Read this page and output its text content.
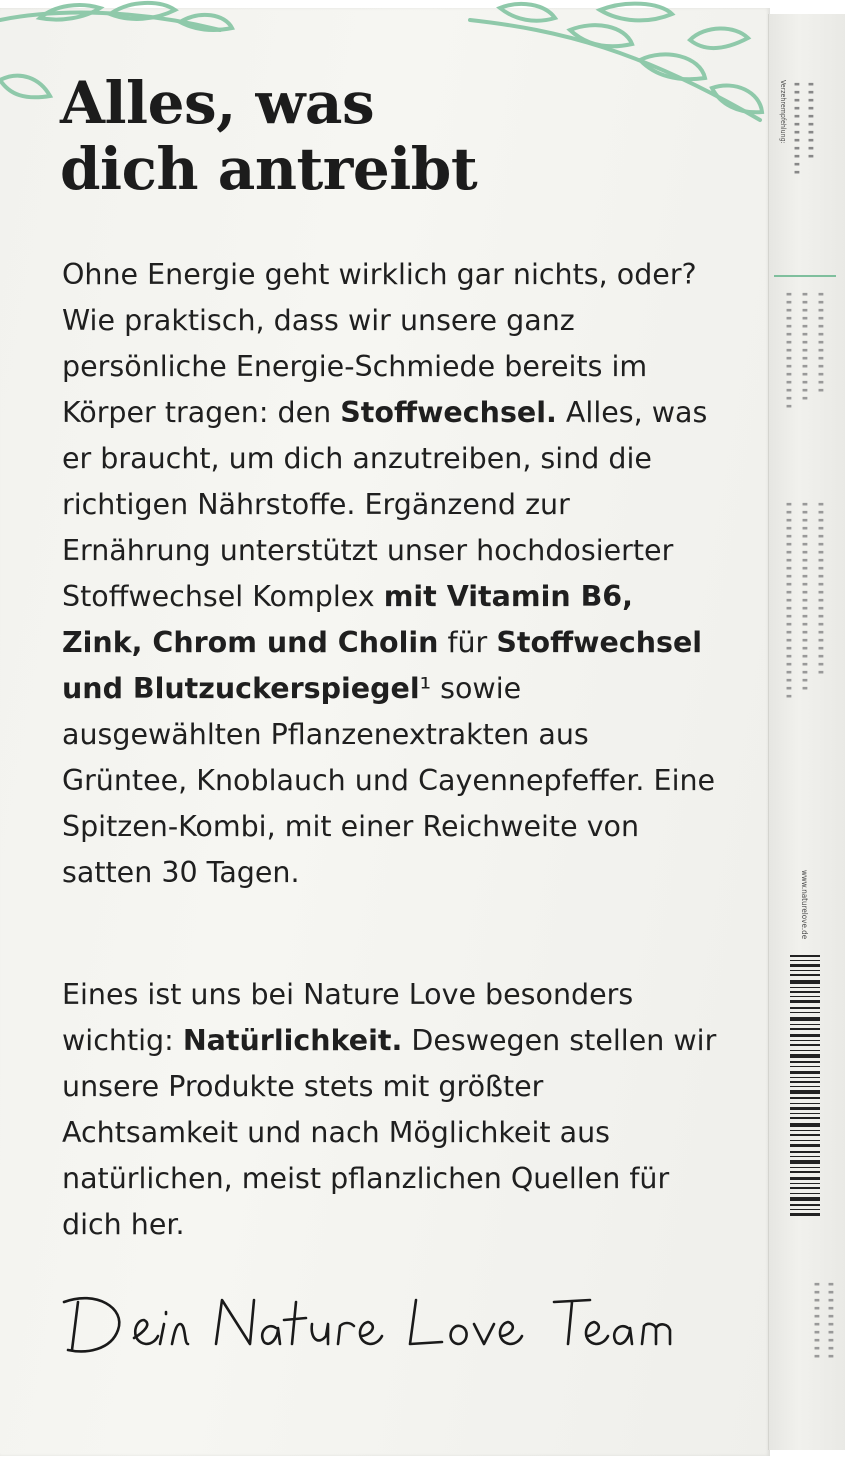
Alles, was
dich antreibt

Ohne Energie geht wirklich gar nichts, oder? Wie praktisch, dass wir unsere ganz persönliche Energie-Schmiede bereits im Körper tragen: den Stoffwechsel. Alles, was er braucht, um dich anzutreiben, sind die richtigen Nährstoffe. Ergänzend zur Ernährung unterstützt unser hochdosierter Stoffwechsel Komplex mit Vitamin B6, Zink, Chrom und Cholin für Stoffwechsel und Blutzuckerspiegel¹ sowie ausgewählten Pflanzenextrakten aus Grüntee, Knoblauch und Cayennepfeffer. Eine Spitzen-Kombi, mit einer Reichweite von satten 30 Tagen.

Eines ist uns bei Nature Love besonders wichtig: Natürlichkeit. Deswegen stellen wir unsere Produkte stets mit größter Achtsamkeit und nach Möglichkeit aus natürlichen, meist pflanzlichen Quellen für dich her.

Verzehrempfehlung: ▬▬▬▬▬▬▬▬▬▬▬▬ ▬▬▬▬▬▬▬▬▬▬
▬▬▬▬▬▬▬▬▬▬▬▬▬▬▬ ▬▬▬▬▬▬▬▬▬▬▬▬▬▬ ▬▬▬▬▬▬▬▬▬▬▬▬▬
▬▬▬▬▬▬▬▬▬▬▬▬▬▬▬▬▬▬▬▬▬▬▬▬▬ ▬▬▬▬▬▬▬▬▬▬▬▬▬▬▬▬▬▬▬▬▬▬▬▬ ▬▬▬▬▬▬▬▬▬▬▬▬▬▬▬▬▬▬▬▬▬▬
www.naturelove.de
▬▬▬▬▬▬▬▬▬▬
▬▬▬▬▬▬▬▬▬▬
